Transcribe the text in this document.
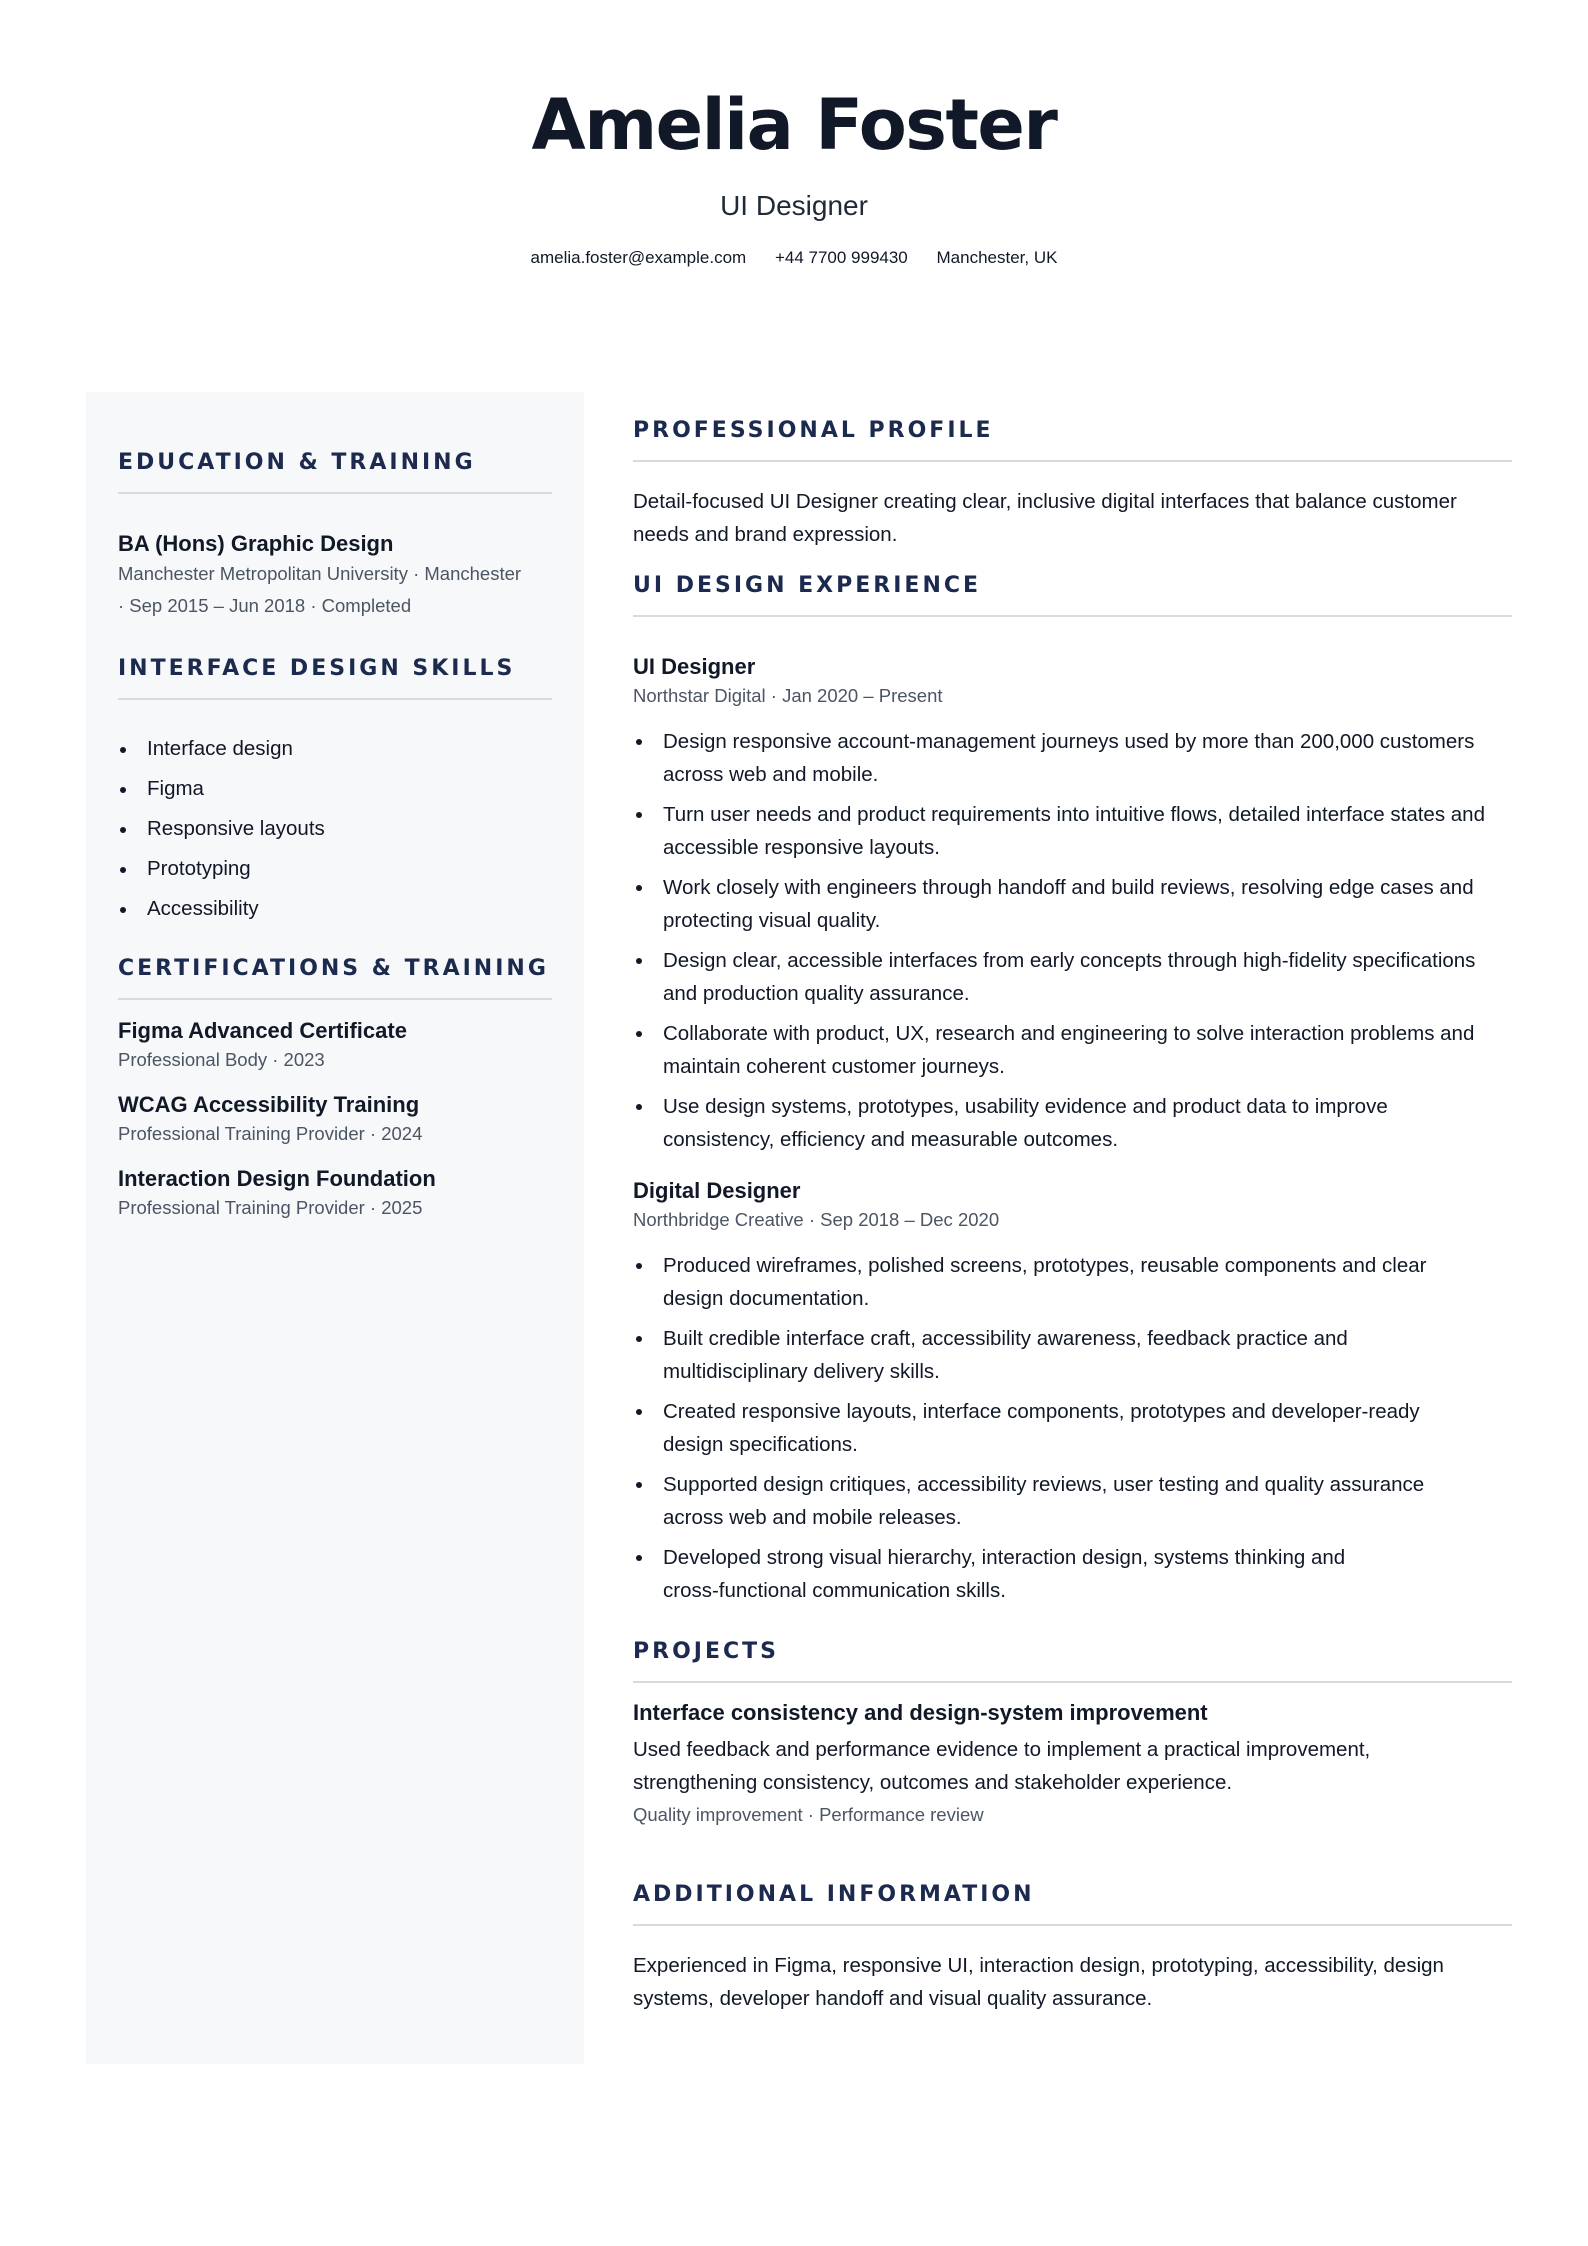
Amelia Foster
UI Designer
amelia.foster@example.com +44 7700 999430 Manchester, UK
EDUCATION & TRAINING
BA (Hons) Graphic Design
Manchester Metropolitan University · Manchester
· Sep 2015 – Jun 2018 · Completed
INTERFACE DESIGN SKILLS
Interface design
Figma
Responsive layouts
Prototyping
Accessibility
CERTIFICATIONS & TRAINING
Figma Advanced Certificate
Professional Body · 2023
WCAG Accessibility Training
Professional Training Provider · 2024
Interaction Design Foundation
Professional Training Provider · 2025
PROFESSIONAL PROFILE
Detail-focused UI Designer creating clear, inclusive digital interfaces that balance customer
needs and brand expression.
UI DESIGN EXPERIENCE
UI Designer
Northstar Digital · Jan 2020 – Present
Design responsive account-management journeys used by more than 200,000 customers
across web and mobile.
Turn user needs and product requirements into intuitive flows, detailed interface states and
accessible responsive layouts.
Work closely with engineers through handoff and build reviews, resolving edge cases and
protecting visual quality.
Design clear, accessible interfaces from early concepts through high-fidelity specifications
and production quality assurance.
Collaborate with product, UX, research and engineering to solve interaction problems and
maintain coherent customer journeys.
Use design systems, prototypes, usability evidence and product data to improve
consistency, efficiency and measurable outcomes.
Digital Designer
Northbridge Creative · Sep 2018 – Dec 2020
Produced wireframes, polished screens, prototypes, reusable components and clear
design documentation.
Built credible interface craft, accessibility awareness, feedback practice and
multidisciplinary delivery skills.
Created responsive layouts, interface components, prototypes and developer-ready
design specifications.
Supported design critiques, accessibility reviews, user testing and quality assurance
across web and mobile releases.
Developed strong visual hierarchy, interaction design, systems thinking and
cross-functional communication skills.
PROJECTS
Interface consistency and design-system improvement
Used feedback and performance evidence to implement a practical improvement,
strengthening consistency, outcomes and stakeholder experience.
Quality improvement · Performance review
ADDITIONAL INFORMATION
Experienced in Figma, responsive UI, interaction design, prototyping, accessibility, design
systems, developer handoff and visual quality assurance.
